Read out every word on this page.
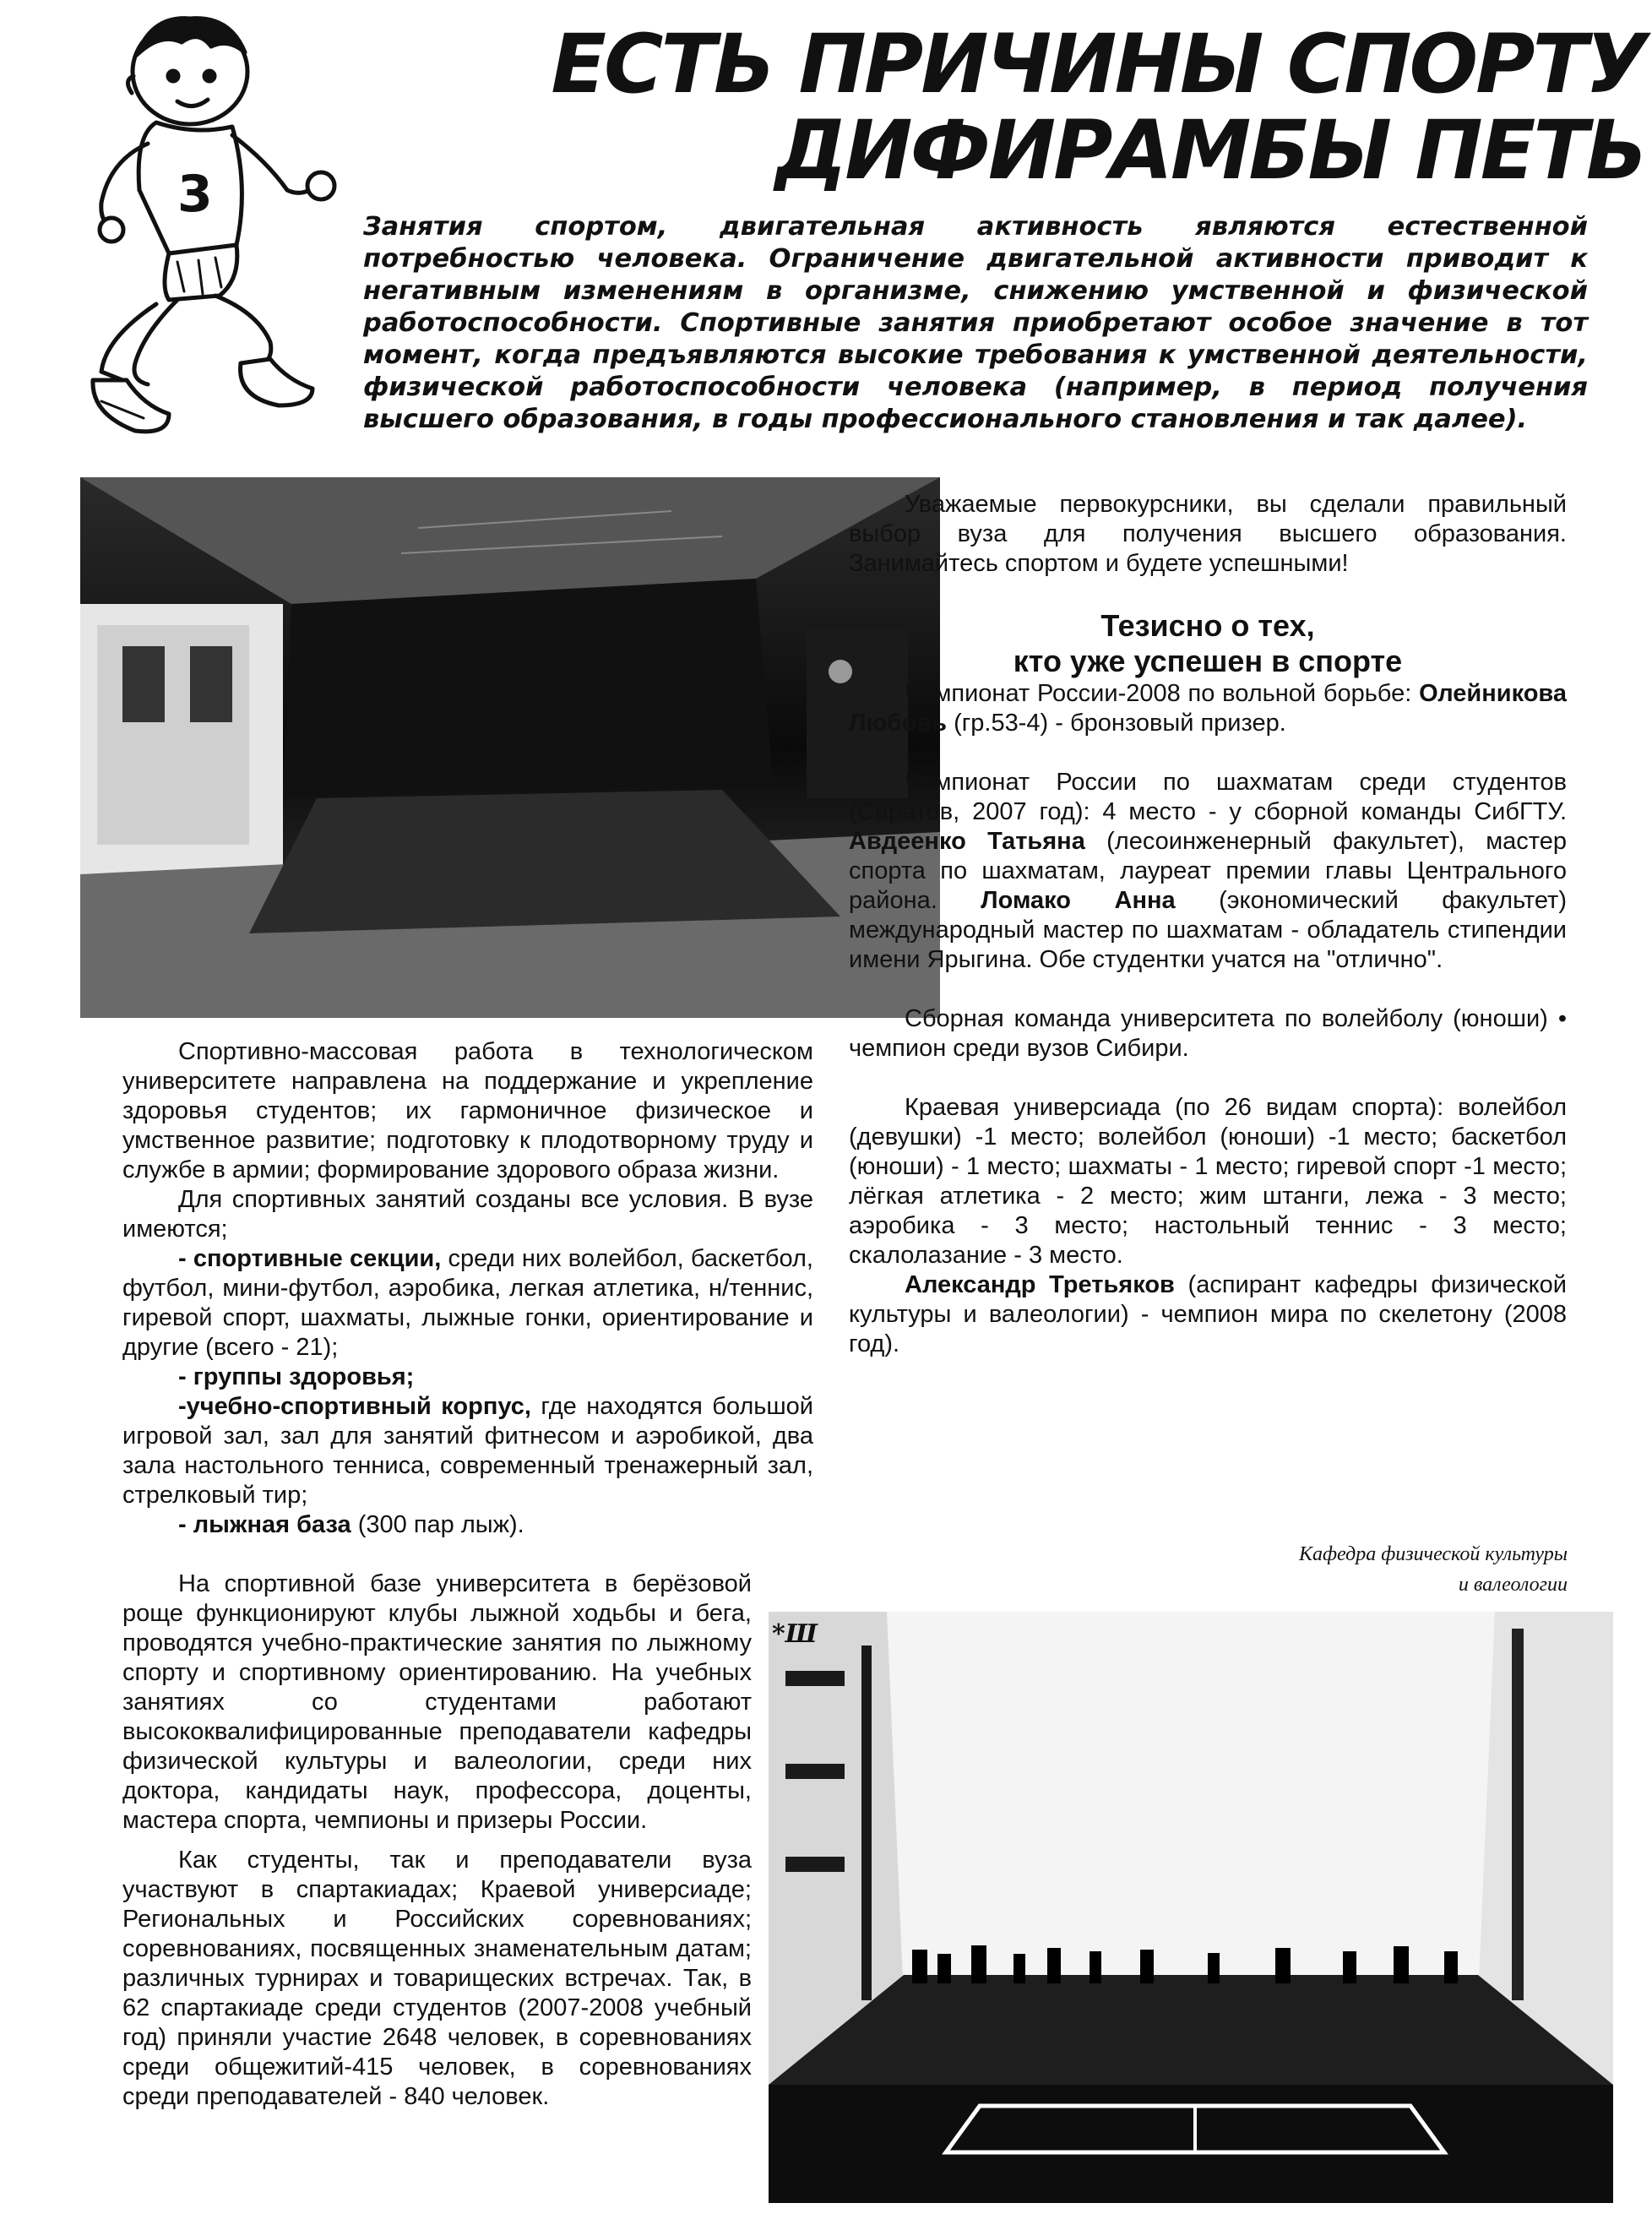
3
ЕСТЬ ПРИЧИНЫ СПОРТУ
ДИФИРАМБЫ ПЕТЬ

Занятия спортом, двигательная активность являются естественной потребностью человека. Ограничение двигательной активности приводит к негативным изменениям в организме, снижению умственной и физической работоспособности. Спортивные занятия приобретают особое значение в тот момент, когда предъявляются высокие требования к умственной деятельности, физической работоспособности человека (например, в период получения высшего образования, в годы профессионального становления и так далее).

Уважаемые первокурсники, вы сделали правильный выбор вуза для получения высшего образования. Занимайтесь спортом и будете успешными!

Тезисно о тех,
кто уже успешен в спорте

Чемпионат России-2008 по вольной борьбе: Олейникова Любовь (гр.53-4) - бронзовый призер.

Чемпионат России по шахматам среди студентов (Саратов, 2007 год): 4 место - у сборной команды СибГТУ. Авдеенко Татьяна (лесоинженерный факультет), мастер спорта по шахматам, лауреат премии главы Центрального района. Ломако Анна (экономический факультет) международный мастер по шахматам - обладатель стипендии имени Ярыгина. Обе студентки учатся на "отлично".

Сборная команда университета по волейболу (юноши) • чемпион среди вузов Сибири.

Краевая универсиада (по 26 видам спорта): волейбол (девушки) -1 место; волейбол (юноши) -1 место; баскетбол (юноши) - 1 место; шахматы - 1 место; гиревой спорт -1 место; лёгкая атлетика - 2 место; жим штанги, лежа - 3 место; аэробика - 3 место; настольный теннис - 3 место; скалолазание - 3 место.

Александр Третьяков (аспирант кафедры физической культуры и валеологии) - чемпион мира по скелетону (2008 год).

Кафедра физической культуры
и валеологии

Спортивно-массовая работа в технологическом университете направлена на поддержание и укрепление здоровья студентов; их гармоничное физическое и умственное развитие; подготовку к плодотворному труду и службе в армии; формирование здорового образа жизни.

Для спортивных занятий созданы все условия. В вузе имеются;

- спортивные секции, среди них волейбол, баскетбол, футбол, мини-футбол, аэробика, легкая атлетика, н/теннис, гиревой спорт, шахматы, лыжные гонки, ориентирование и другие (всего - 21);

- группы здоровья;

-учебно-спортивный корпус, где находятся большой игровой зал, зал для занятий фитнесом и аэробикой, два зала настольного тенниса, современный тренажерный зал, стрелковый тир;

- лыжная база (300 пар лыж).

На спортивной базе университета в берёзовой роще функционируют клубы лыжной ходьбы и бега, проводятся учебно-практические занятия по лыжному спорту и спортивному ориентированию. На учебных занятиях со студентами работают высококвалифицированные преподаватели кафедры физической культуры и валеологии, среди них доктора, кандидаты наук, профессора, доценты, мастера спорта, чемпионы и призеры России.

Как студенты, так и преподаватели вуза участвуют в спартакиадах; Краевой универсиаде; Региональных и Российских соревнованиях; соревнованиях, посвященных знаменательным датам; различных турнирах и товарищеских встречах. Так, в 62 спартакиаде среди студентов (2007-2008 учебный год) приняли участие 2648 человек, в соревнованиях среди общежитий-415 человек, в соревнованиях среди преподавателей - 840 человек.

*Ш
